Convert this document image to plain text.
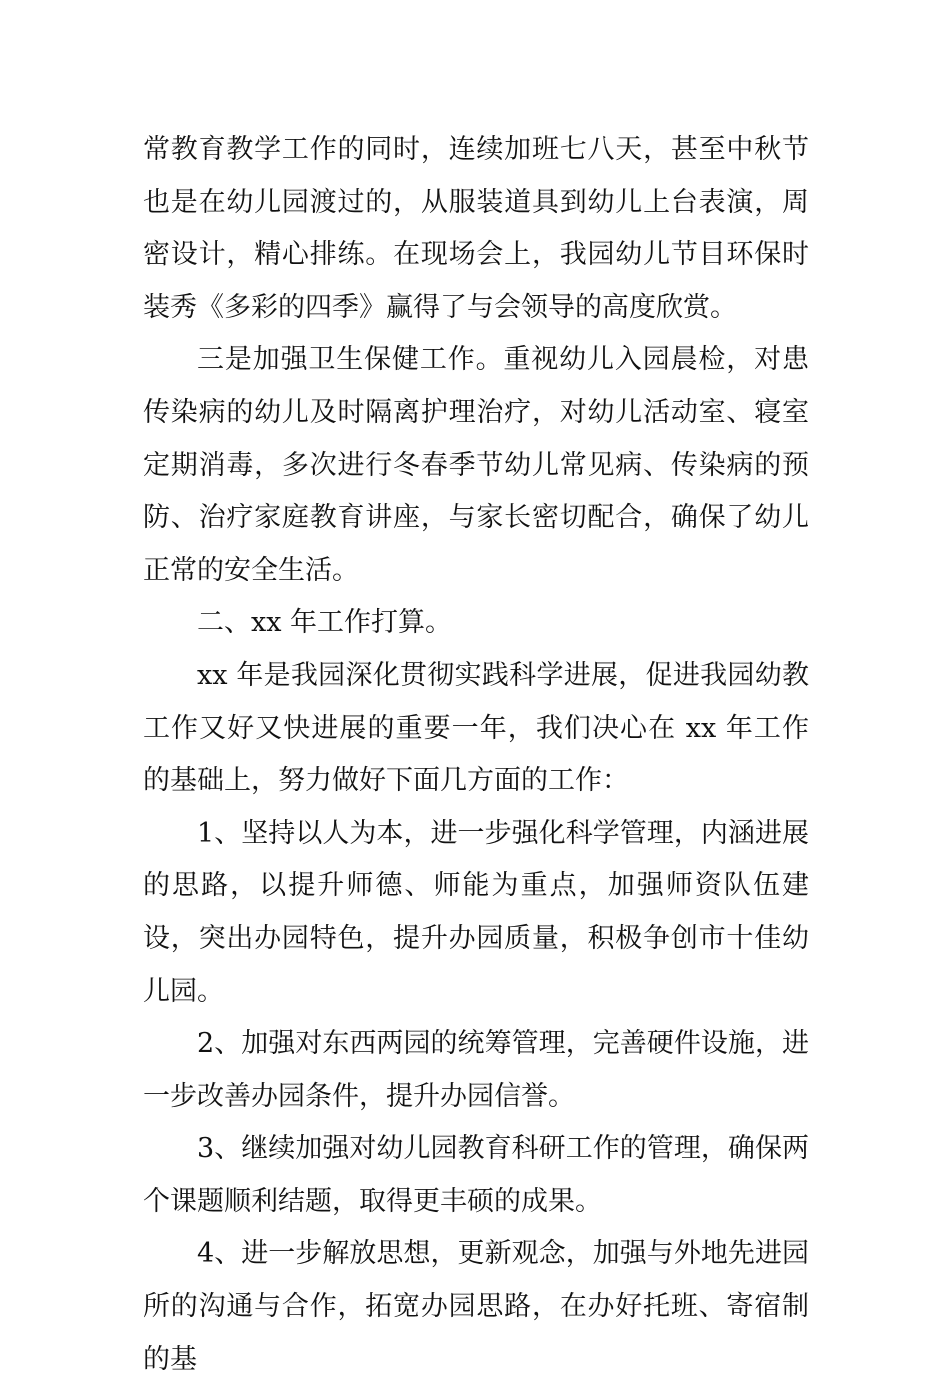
常教育教学工作的同时，连续加班七八天，甚至中秋节也是在幼儿园渡过的，从服装道具到幼儿上台表演，周密设计，精心排练。在现场会上，我园幼儿节目环保时装秀《多彩的四季》赢得了与会领导的高度欣赏。

三是加强卫生保健工作。重视幼儿入园晨检，对患传染病的幼儿及时隔离护理治疗，对幼儿活动室、寝室定期消毒，多次进行冬春季节幼儿常见病、传染病的预防、治疗家庭教育讲座，与家长密切配合，确保了幼儿正常的安全生活。

二、xx 年工作打算。

xx 年是我园深化贯彻实践科学进展，促进我园幼教工作又好又快进展的重要一年，我们决心在 xx 年工作的基础上，努力做好下面几方面的工作：

1、坚持以人为本，进一步强化科学管理，内涵进展的思路，以提升师德、师能为重点，加强师资队伍建设，突出办园特色，提升办园质量，积极争创市十佳幼儿园。

2、加强对东西两园的统筹管理，完善硬件设施，进一步改善办园条件，提升办园信誉。

3、继续加强对幼儿园教育科研工作的管理，确保两个课题顺利结题，取得更丰硕的成果。

4、进一步解放思想，更新观念，加强与外地先进园所的沟通与合作，拓宽办园思路，在办好托班、寄宿制的基
